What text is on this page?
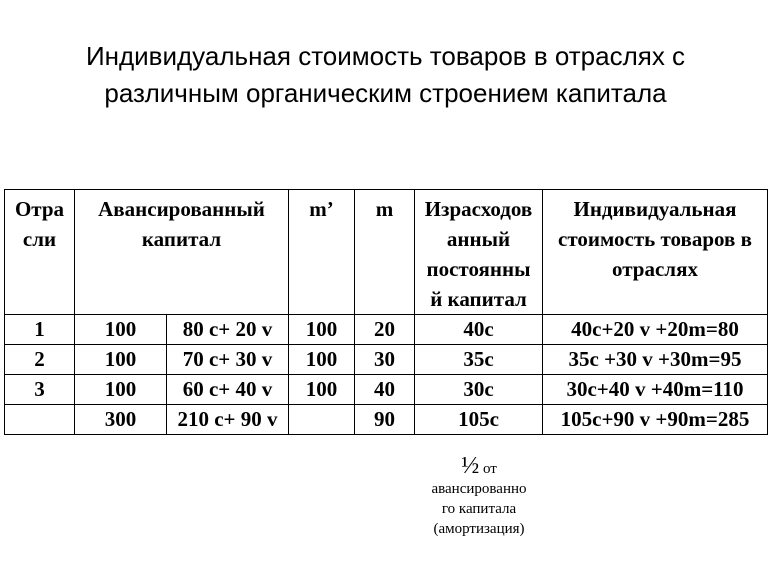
Индивидуальная стоимость товаров в отраслях с
различным органическим строением капитала
Отра сли	Авансированный капитал		m’	m	Израсходов анный постоянны й капитал	Индивидуальная стоимость товаров в отраслях
1	100	80 с+ 20 v	100	20	40с	40с+20 v +20m=80
2	100	70 с+ 30 v	100	30	35с	35с +30 v +30m=95
3	100	60 с+ 40 v	100	40	30с	30с+40 v +40m=110
	300	210 с+ 90 v		90	105с	105с+90 v +90m=285
½ от
авансированно
го капитала
(амортизация)
